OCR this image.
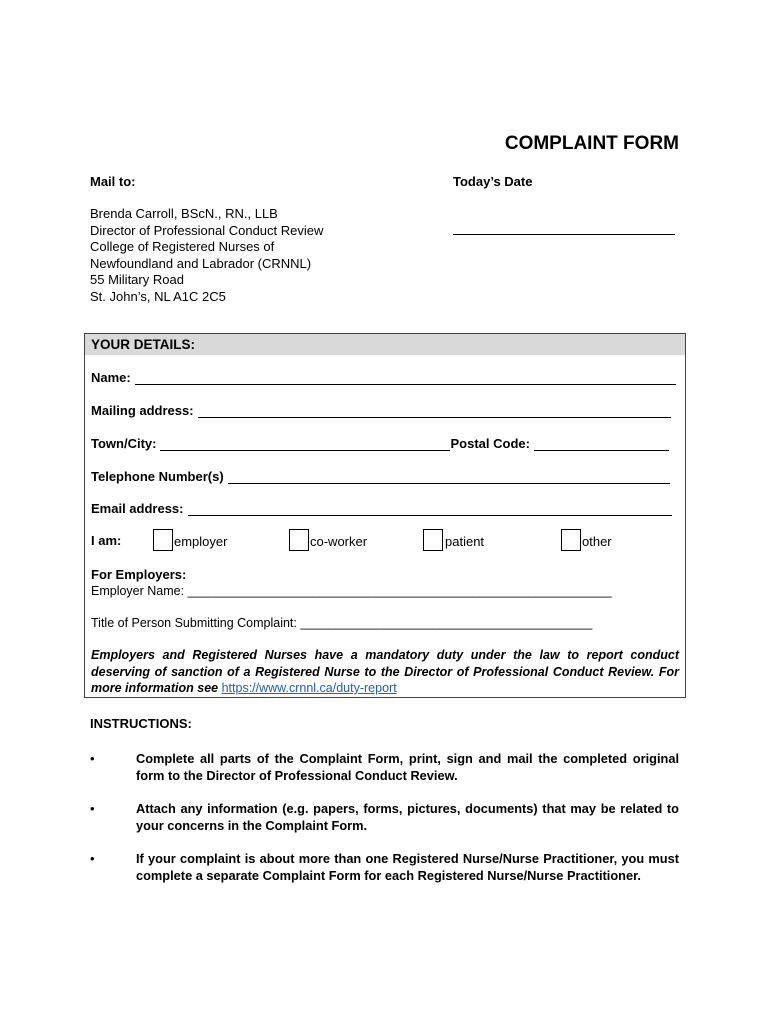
COMPLAINT FORM
Mail to:	Today’s Date
Brenda Carroll, BScN., RN., LLB
Director of Professional Conduct Review
College of Registered Nurses of
Newfoundland and Labrador (CRNNL)
55 Military Road
St. John’s, NL A1C 2C5
YOUR DETAILS:
Name:
Mailing address:
Town/City:	Postal Code:
Telephone Number(s)
Email address:
I am:	employer	co-worker	patient	other
For Employers:
Employer Name: _____________________________________________________________
Title of Person Submitting Complaint: __________________________________________
Employers and Registered Nurses have a mandatory duty under the law to report conduct deserving of sanction of a Registered Nurse to the Director of Professional Conduct Review. For more information see https://www.crnnl.ca/duty-report
INSTRUCTIONS:
•	Complete all parts of the Complaint Form, print, sign and mail the completed original form to the Director of Professional Conduct Review.
•	Attach any information (e.g. papers, forms, pictures, documents) that may be related to your concerns in the Complaint Form.
•	If your complaint is about more than one Registered Nurse/Nurse Practitioner, you must complete a separate Complaint Form for each Registered Nurse/Nurse Practitioner.
